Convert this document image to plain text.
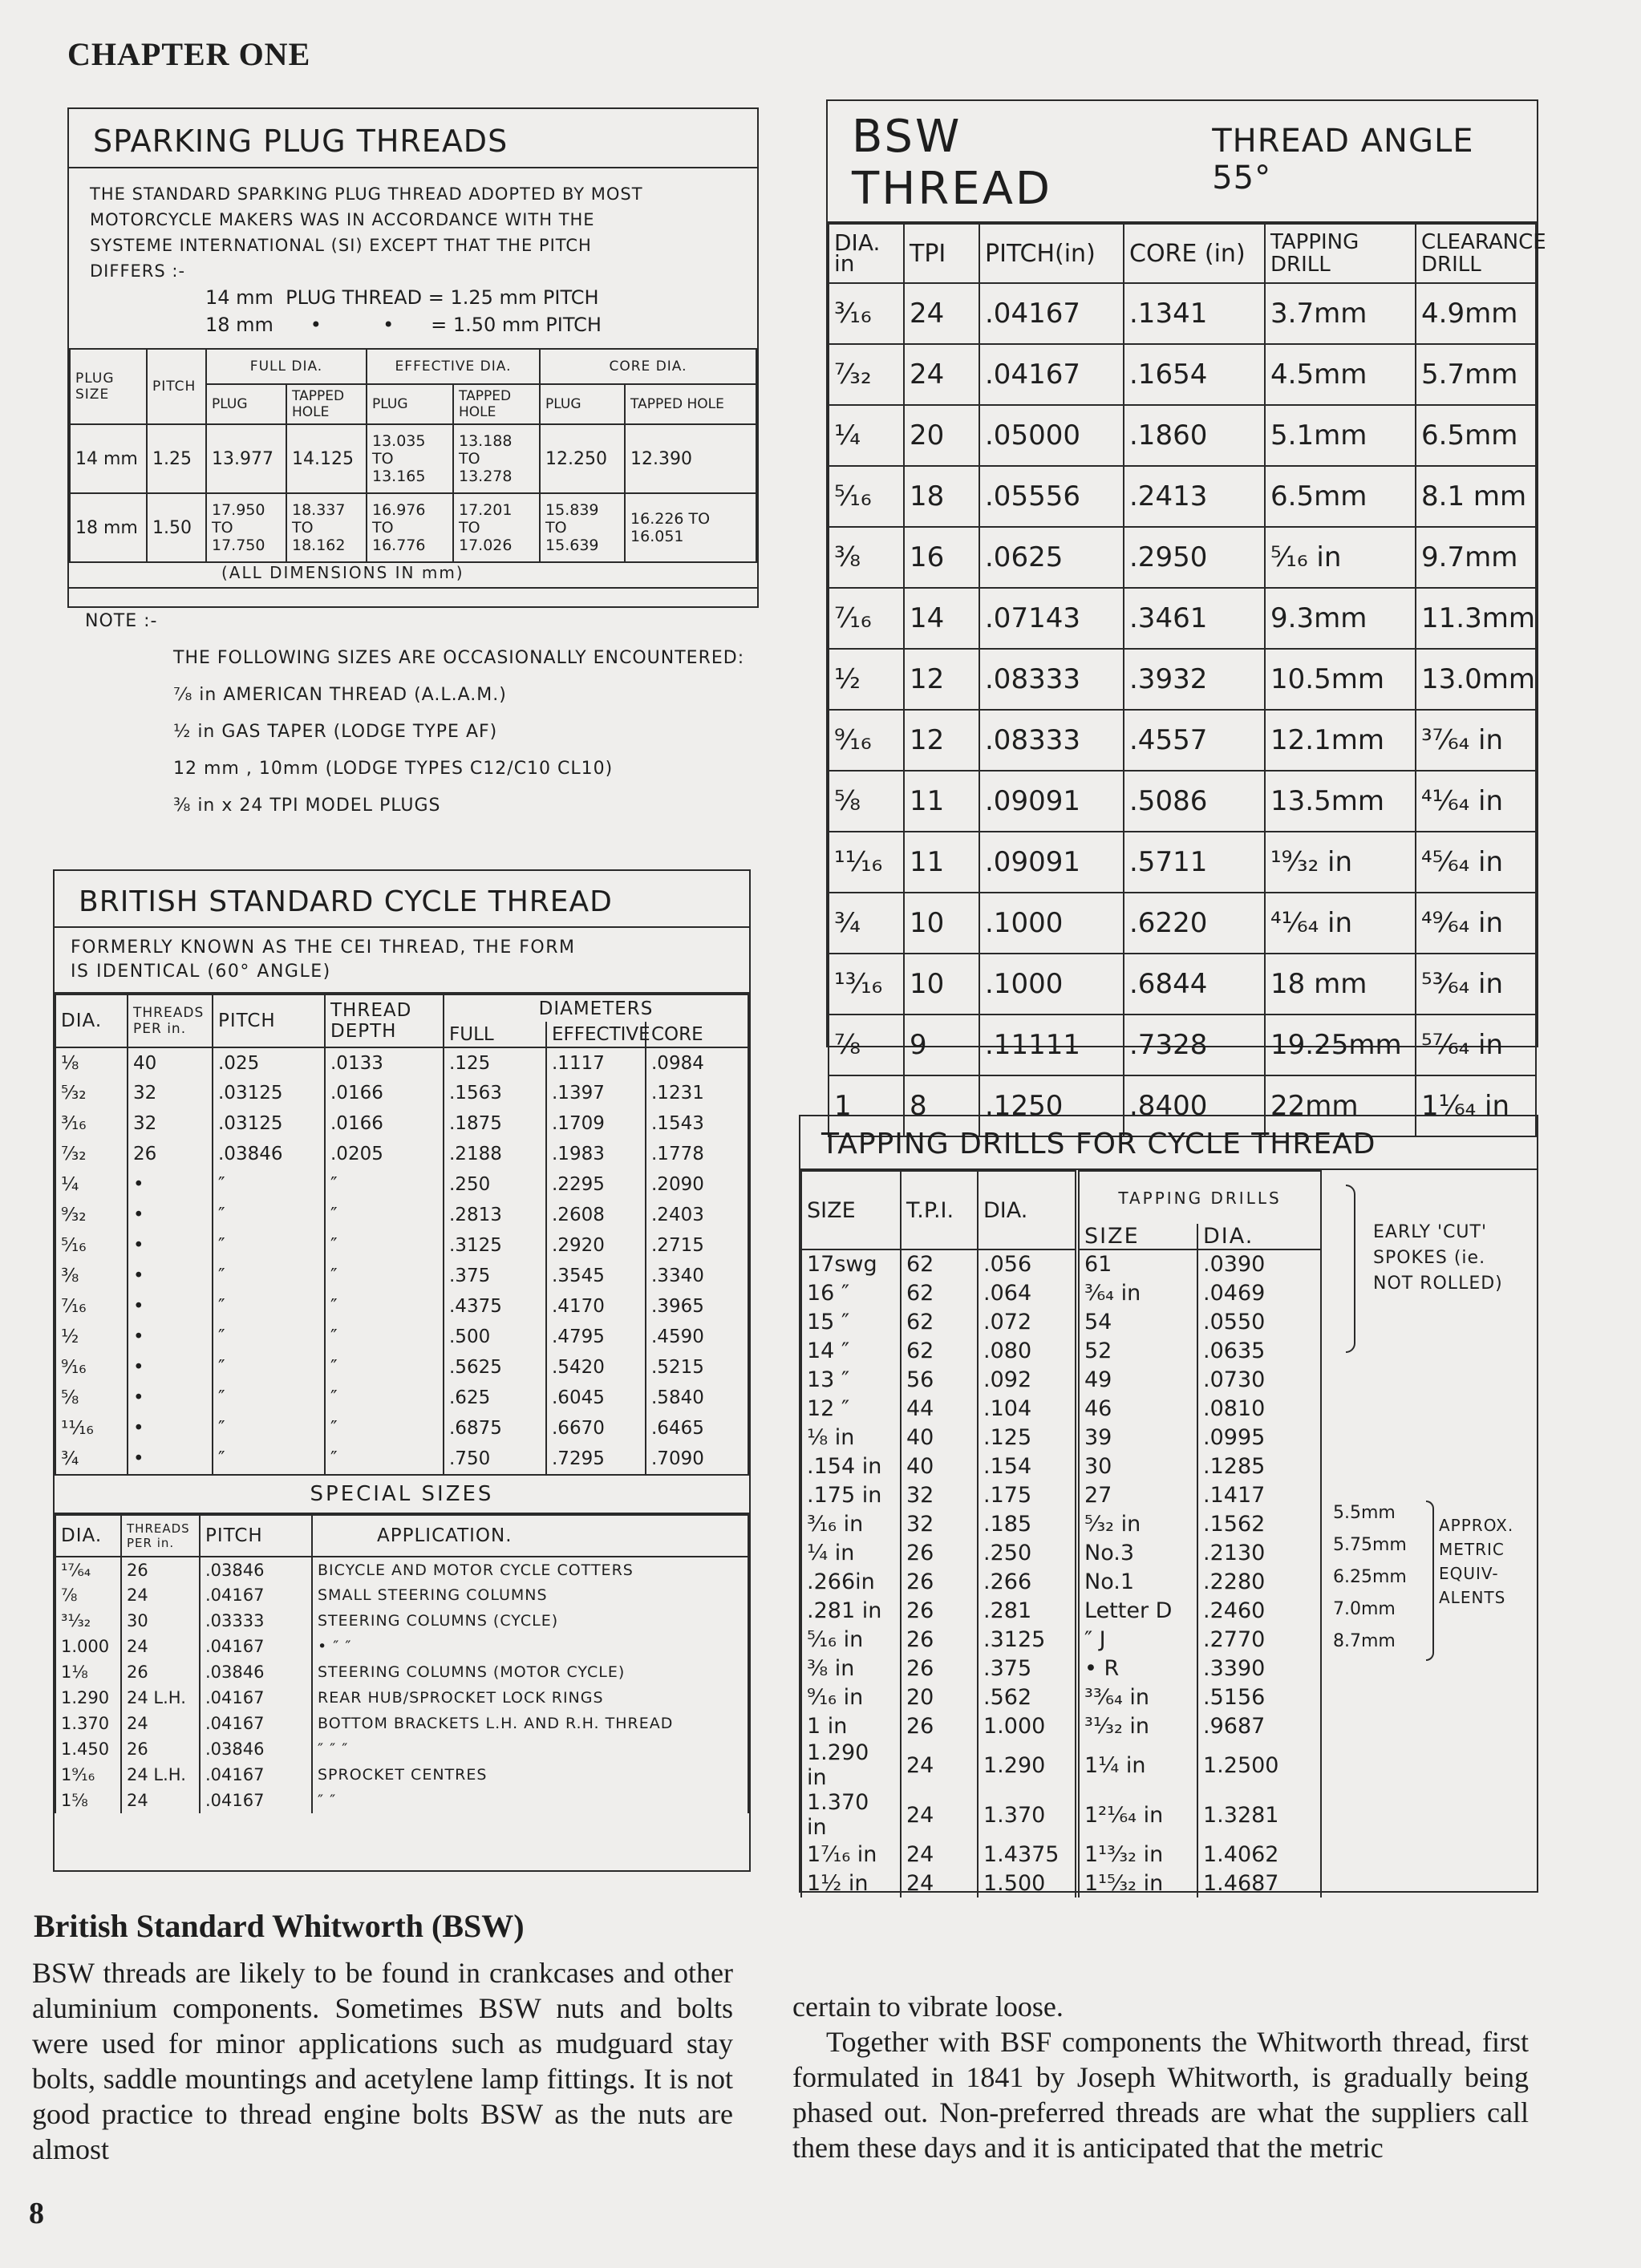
CHAPTER ONE
SPARKING PLUG THREADS
THE STANDARD SPARKING PLUG THREAD ADOPTED BY MOST
MOTORCYCLE MAKERS WAS IN ACCORDANCE WITH THE
SYSTEME INTERNATIONAL (SI) EXCEPT THAT THE PITCH
DIFFERS :-
14 mm  PLUG THREAD = 1.25 mm PITCH
18 mm      •          •      = 1.50 mm PITCH
PLUG SIZE	PITCH	FULL DIA.		EFFECTIVE DIA.		CORE DIA.	
		PLUG	TAPPED HOLE	PLUG	TAPPED HOLE	PLUG	TAPPED HOLE
14 mm	1.25	13.977	14.125	13.035 TO 13.165	13.188 TO 13.278	12.250	12.390
18 mm	1.50	17.950 TO 17.750	18.337 TO 18.162	16.976 TO 16.776	17.201 TO 17.026	15.839 TO 15.639	16.226 TO 16.051
(ALL DIMENSIONS IN mm)
NOTE :-
THE FOLLOWING SIZES ARE OCCASIONALLY ENCOUNTERED:
⁷⁄₈ in AMERICAN THREAD (A.L.A.M.)
½ in GAS TAPER (LODGE TYPE AF)
12 mm , 10mm (LODGE TYPES C12/C10 CL10)
⅜ in x 24 TPI MODEL PLUGS
BSW THREAD
THREAD ANGLE 55°
DIA. in	TPI	PITCH(in)	CORE (in)	TAPPING DRILL	CLEARANCE DRILL
³⁄₁₆	24	.04167	.1341	3.7mm	4.9mm
⁷⁄₃₂	24	.04167	.1654	4.5mm	5.7mm
¼	20	.05000	.1860	5.1mm	6.5mm
⁵⁄₁₆	18	.05556	.2413	6.5mm	8.1 mm
⅜	16	.0625	.2950	⁵⁄₁₆ in	9.7mm
⁷⁄₁₆	14	.07143	.3461	9.3mm	11.3mm
½	12	.08333	.3932	10.5mm	13.0mm
⁹⁄₁₆	12	.08333	.4557	12.1mm	³⁷⁄₆₄ in
⅝	11	.09091	.5086	13.5mm	⁴¹⁄₆₄ in
¹¹⁄₁₆	11	.09091	.5711	¹⁹⁄₃₂ in	⁴⁵⁄₆₄ in
¾	10	.1000	.6220	⁴¹⁄₆₄ in	⁴⁹⁄₆₄ in
¹³⁄₁₆	10	.1000	.6844	18 mm	⁵³⁄₆₄ in
⅞	9	.11111	.7328	19.25mm	⁵⁷⁄₆₄ in
1	8	.1250	.8400	22mm	1¹⁄₆₄ in
BRITISH STANDARD CYCLE THREAD
FORMERLY KNOWN AS THE CEI THREAD, THE FORM
IS IDENTICAL (60° ANGLE)
DIA.	THREADS PER in.	PITCH	THREAD DEPTH	DIAMETERS		
				FULL	EFFECTIVE	CORE
⅛	40	.025	.0133	.125	.1117	.0984
⁵⁄₃₂	32	.03125	.0166	.1563	.1397	.1231
³⁄₁₆	32	.03125	.0166	.1875	.1709	.1543
⁷⁄₃₂	26	.03846	.0205	.2188	.1983	.1778
¼	•	″	″	.250	.2295	.2090
⁹⁄₃₂	•	″	″	.2813	.2608	.2403
⁵⁄₁₆	•	″	″	.3125	.2920	.2715
⅜	•	″	″	.375	.3545	.3340
⁷⁄₁₆	•	″	″	.4375	.4170	.3965
½	•	″	″	.500	.4795	.4590
⁹⁄₁₆	•	″	″	.5625	.5420	.5215
⅝	•	″	″	.625	.6045	.5840
¹¹⁄₁₆	•	″	″	.6875	.6670	.6465
¾	•	″	″	.750	.7295	.7090
SPECIAL SIZES
DIA.	THREADS PER in.	PITCH	APPLICATION.
¹⁷⁄₆₄	26	.03846	BICYCLE AND MOTOR CYCLE COTTERS
⅞	24	.04167	SMALL STEERING COLUMNS
³¹⁄₃₂	30	.03333	STEERING COLUMNS (CYCLE)
1.000	24	.04167	• ″ ″
1⅛	26	.03846	STEERING COLUMNS (MOTOR CYCLE)
1.290	24 L.H.	.04167	REAR HUB/SPROCKET LOCK RINGS
1.370	24	.04167	BOTTOM BRACKETS L.H. AND R.H. THREAD
1.450	26	.03846	″ ″ ″
1⁹⁄₁₆	24 L.H.	.04167	SPROCKET CENTRES
1⅝	24	.04167	″ ″
TAPPING DRILLS FOR CYCLE THREAD
SIZE	T.P.I.	DIA.	TAPPING DRILLS	
			SIZE	DIA.
17swg	62	.056	61	.0390
16 ″	62	.064	³⁄₆₄ in	.0469
15 ″	62	.072	54	.0550
14 ″	62	.080	52	.0635
13 ″	56	.092	49	.0730
12 ″	44	.104	46	.0810
⅛ in	40	.125	39	.0995
.154 in	40	.154	30	.1285
.175 in	32	.175	27	.1417
³⁄₁₆ in	32	.185	⁵⁄₃₂ in	.1562
¼ in	26	.250	No.3	.2130
.266in	26	.266	No.1	.2280
.281 in	26	.281	Letter D	.2460
⁵⁄₁₆ in	26	.3125	″ J	.2770
⅜ in	26	.375	• R	.3390
⁹⁄₁₆ in	20	.562	³³⁄₆₄ in	.5156
1 in	26	1.000	³¹⁄₃₂ in	.9687
1.290 in	24	1.290	1¼ in	1.2500
1.370 in	24	1.370	1²¹⁄₆₄ in	1.3281
1⁷⁄₁₆ in	24	1.4375	1¹³⁄₃₂ in	1.4062
1½ in	24	1.500	1¹⁵⁄₃₂ in	1.4687
EARLY 'CUT'
SPOKES (ie.
NOT ROLLED)
5.5mm
5.75mm
6.25mm
7.0mm
8.7mm
APPROX.
METRIC
EQUIV-
ALENTS
British Standard Whitworth (BSW)
BSW threads are likely to be found in crankcases and other aluminium components. Sometimes BSW nuts and bolts were used for minor applications such as mudguard stay bolts, saddle mountings and acetylene lamp fittings. It is not good practice to thread engine bolts BSW as the nuts are almost
certain to vibrate loose.
Together with BSF components the Whitworth thread, first formulated in 1841 by Joseph Whitworth, is gradually being phased out. Non-preferred threads are what the suppliers call them these days and it is anticipated that the metric
8
